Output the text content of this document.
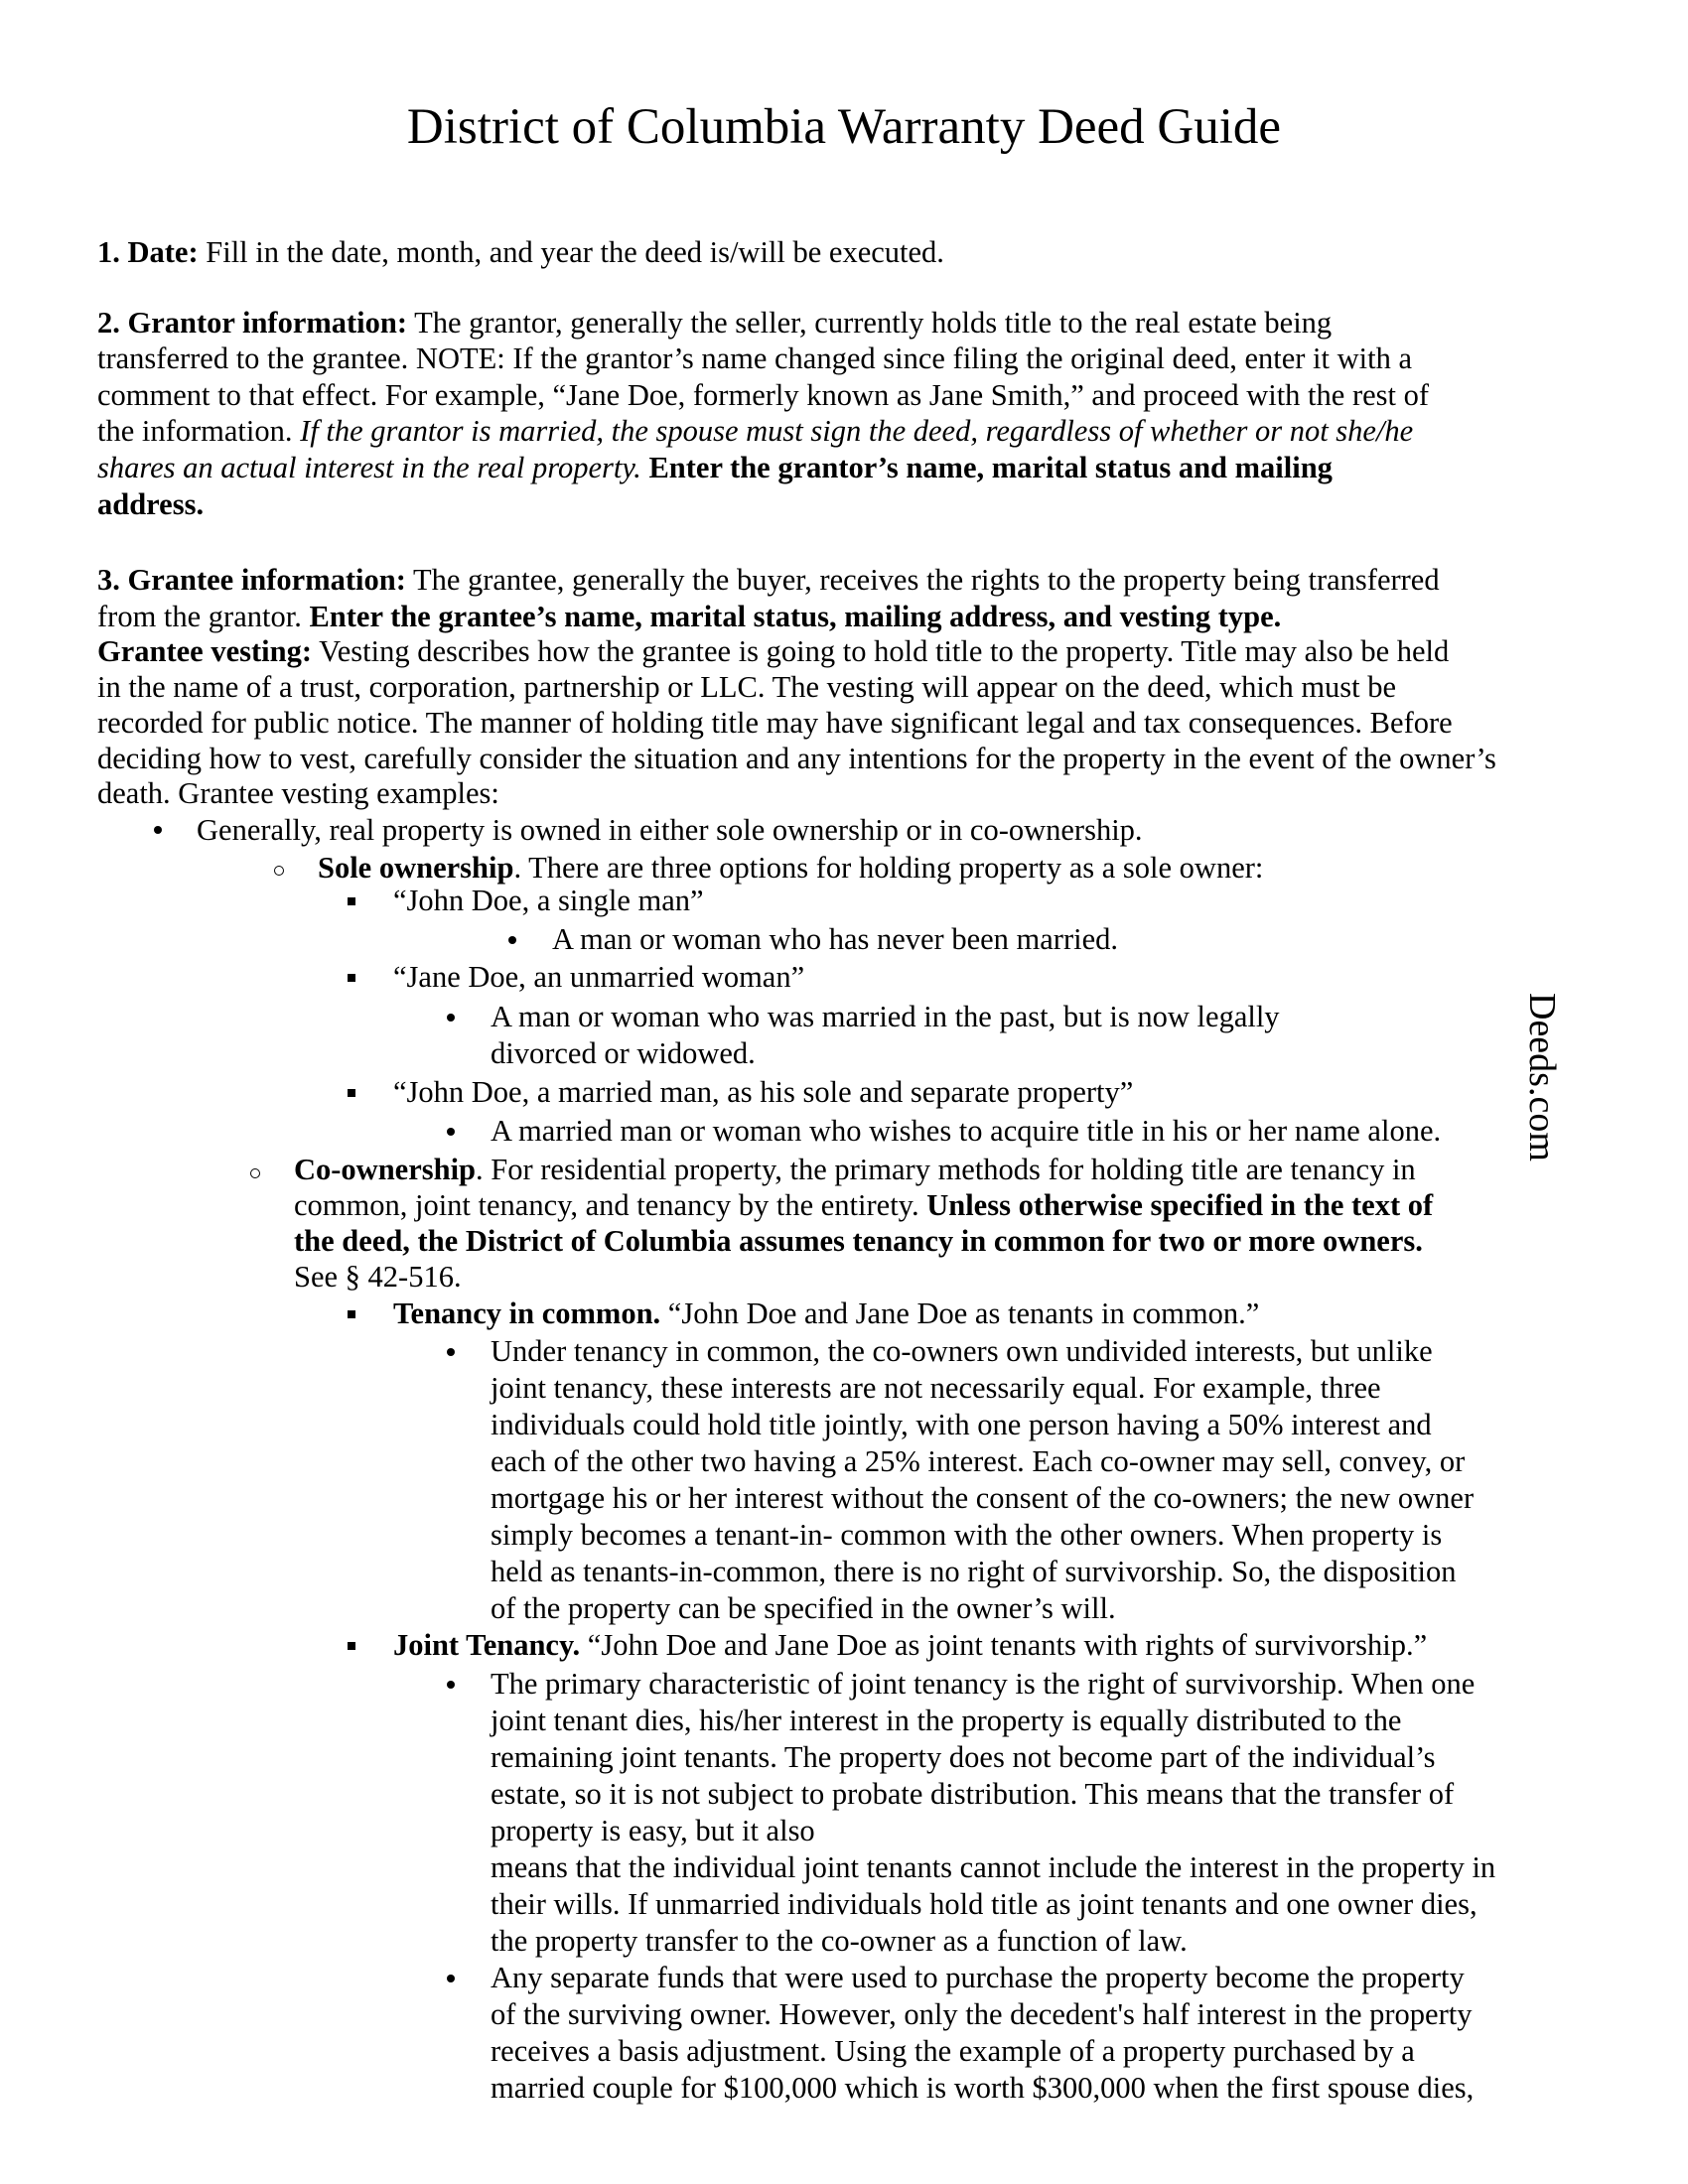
District of Columbia Warranty Deed Guide
Deeds.com

1. Date: Fill in the date, month, and year the deed is/will be executed.

2. Grantor information: The grantor, generally the seller, currently holds title to the real estate being

transferred to the grantee. NOTE: If the grantor’s name changed since filing the original deed, enter it with a

comment to that effect. For example, “Jane Doe, formerly known as Jane Smith,” and proceed with the rest of

the information. If the grantor is married, the spouse must sign the deed, regardless of whether or not she/he

shares an actual interest in the real property. Enter the grantor’s name, marital status and mailing

address.

3. Grantee information: The grantee, generally the buyer, receives the rights to the property being transferred

from the grantor. Enter the grantee’s name, marital status, mailing address, and vesting type.

Grantee vesting: Vesting describes how the grantee is going to hold title to the property. Title may also be held

in the name of a trust, corporation, partnership or LLC. The vesting will appear on the deed, which must be

recorded for public notice. The manner of holding title may have significant legal and tax consequences. Before

deciding how to vest, carefully consider the situation and any intentions for the property in the event of the owner’s

death. Grantee vesting examples:

Generally, real property is owned in either sole ownership or in co-ownership.

Sole ownership. There are three options for holding property as a sole owner:

“John Doe, a single man”

A man or woman who has never been married.

“Jane Doe, an unmarried woman”

A man or woman who was married in the past, but is now legally

divorced or widowed.

“John Doe, a married man, as his sole and separate property”

A married man or woman who wishes to acquire title in his or her name alone.

Co-ownership. For residential property, the primary methods for holding title are tenancy in

common, joint tenancy, and tenancy by the entirety. Unless otherwise specified in the text of

the deed, the District of Columbia assumes tenancy in common for two or more owners.

See § 42-516.

Tenancy in common. “John Doe and Jane Doe as tenants in common.”

Under tenancy in common, the co-owners own undivided interests, but unlike

joint tenancy, these interests are not necessarily equal. For example, three

individuals could hold title jointly, with one person having a 50% interest and

each of the other two having a 25% interest. Each co-owner may sell, convey, or

mortgage his or her interest without the consent of the co-owners; the new owner

simply becomes a tenant-in- common with the other owners. When property is

held as tenants-in-common, there is no right of survivorship. So, the disposition

of the property can be specified in the owner’s will.

Joint Tenancy. “John Doe and Jane Doe as joint tenants with rights of survivorship.”

The primary characteristic of joint tenancy is the right of survivorship. When one

joint tenant dies, his/her interest in the property is equally distributed to the

remaining joint tenants. The property does not become part of the individual’s

estate, so it is not subject to probate distribution. This means that the transfer of

property is easy, but it also

means that the individual joint tenants cannot include the interest in the property in

their wills. If unmarried individuals hold title as joint tenants and one owner dies,

the property transfer to the co-owner as a function of law.

Any separate funds that were used to purchase the property become the property

of the surviving owner. However, only the decedent's half interest in the property

receives a basis adjustment. Using the example of a property purchased by a

married couple for $100,000 which is worth $300,000 when the first spouse dies,
